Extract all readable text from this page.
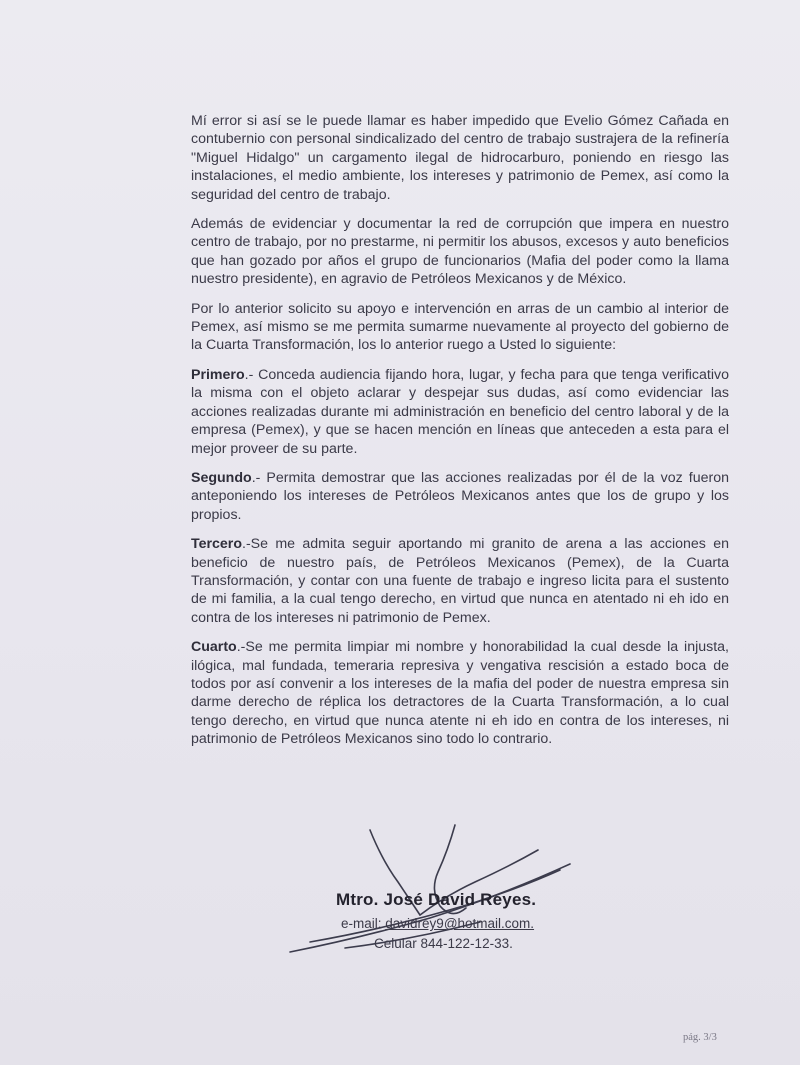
Mí error si así se le puede llamar es haber impedido que Evelio Gómez Cañada en contubernio con personal sindicalizado del centro de trabajo sustrajera de la refinería "Miguel Hidalgo" un cargamento ilegal de hidrocarburo, poniendo en riesgo las instalaciones, el medio ambiente, los intereses y patrimonio de Pemex, así como la seguridad del centro de trabajo.

Además de evidenciar y documentar la red de corrupción que impera en nuestro centro de trabajo, por no prestarme, ni permitir los abusos, excesos y auto beneficios que han gozado por años el grupo de funcionarios (Mafia del poder como la llama nuestro presidente), en agravio de Petróleos Mexicanos y de México.

Por lo anterior solicito su apoyo e intervención en arras de un cambio al interior de Pemex, así mismo se me permita sumarme nuevamente al proyecto del gobierno de la Cuarta Transformación, los lo anterior ruego a Usted lo siguiente:

Primero.- Conceda audiencia fijando hora, lugar, y fecha para que tenga verificativo la misma con el objeto aclarar y despejar sus dudas, así como evidenciar las acciones realizadas durante mi administración en beneficio del centro laboral y de la empresa (Pemex), y que se hacen mención en líneas que anteceden a esta para el mejor proveer de su parte.

Segundo.- Permita demostrar que las acciones realizadas por él de la voz fueron anteponiendo los intereses de Petróleos Mexicanos antes que los de grupo y los propios.

Tercero.-Se me admita seguir aportando mi granito de arena a las acciones en beneficio de nuestro país, de Petróleos Mexicanos (Pemex), de la Cuarta Transformación, y contar con una fuente de trabajo e ingreso licita para el sustento de mi familia, a la cual tengo derecho, en virtud que nunca en atentado ni eh ido en contra de los intereses ni patrimonio de Pemex.

Cuarto.-Se me permita limpiar mi nombre y honorabilidad la cual desde la injusta, ilógica, mal fundada, temeraria represiva y vengativa rescisión a estado boca de todos por así convenir a los intereses de la mafia del poder de nuestra empresa sin darme derecho de réplica los detractores de la Cuarta Transformación, a lo cual tengo derecho, en virtud que nunca atente ni eh ido en contra de los intereses, ni patrimonio de Petróleos Mexicanos sino todo lo contrario.

Mtro. José David Reyes.
e-mail: davidrey9@hotmail.com.
Celular 844-122-12-33.
pág. 3/3
